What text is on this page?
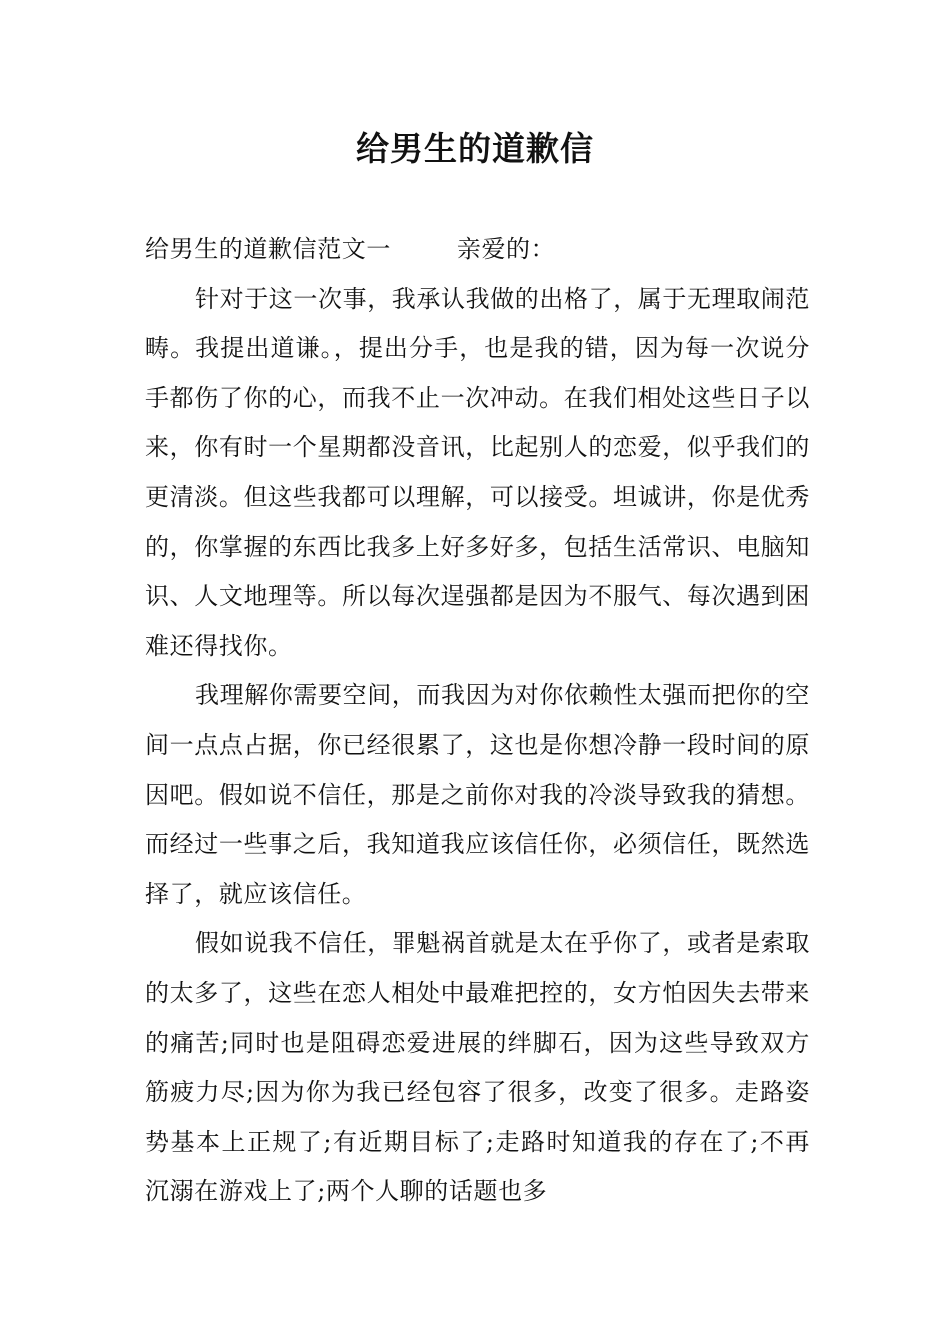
给男生的道歉信

给男生的道歉信范文一	亲爱的：

针对于这一次事，我承认我做的出格了，属于无理取闹范畴。我提出道谦。，提出分手，也是我的错，因为每一次说分手都伤了你的心，而我不止一次冲动。在我们相处这些日子以来，你有时一个星期都没音讯，比起别人的恋爱，似乎我们的更清淡。但这些我都可以理解，可以接受。坦诚讲，你是优秀的，你掌握的东西比我多上好多好多，包括生活常识、电脑知识、人文地理等。所以每次逞强都是因为不服气、每次遇到困难还得找你。

我理解你需要空间，而我因为对你依赖性太强而把你的空间一点点占据，你已经很累了，这也是你想冷静一段时间的原因吧。假如说不信任，那是之前你对我的冷淡导致我的猜想。而经过一些事之后，我知道我应该信任你，必须信任，既然选择了，就应该信任。

假如说我不信任，罪魁祸首就是太在乎你了，或者是索取的太多了，这些在恋人相处中最难把控的，女方怕因失去带来的痛苦;同时也是阻碍恋爱进展的绊脚石，因为这些导致双方筋疲力尽;因为你为我已经包容了很多，改变了很多。走路姿势基本上正规了;有近期目标了;走路时知道我的存在了;不再沉溺在游戏上了;两个人聊的话题也多
